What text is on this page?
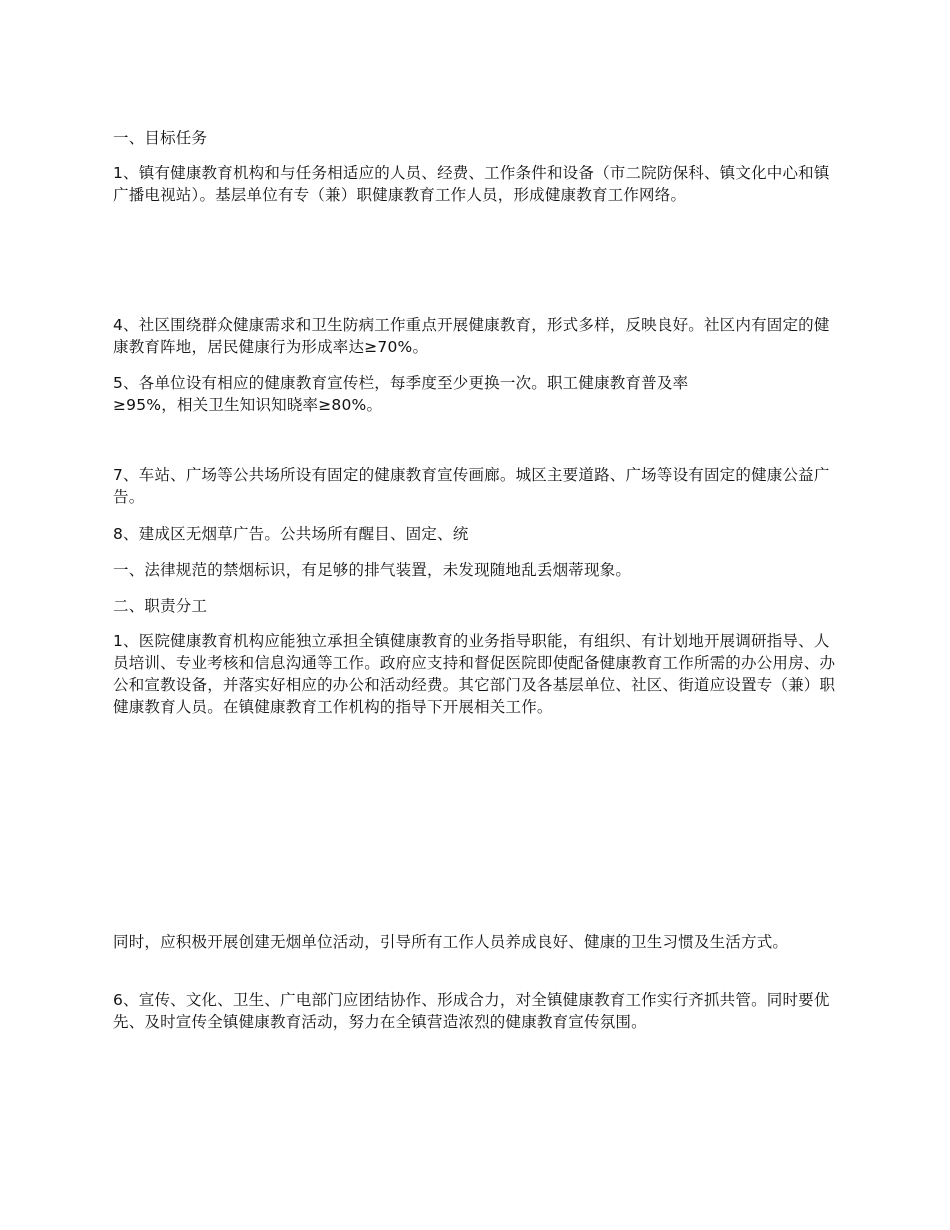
一、目标任务

1、镇有健康教育机构和与任务相适应的人员、经费、工作条件和设备（市二院防保科、镇文化中心和镇广播电视站）。基层单位有专（兼）职健康教育工作人员，形成健康教育工作网络。

4、社区围绕群众健康需求和卫生防病工作重点开展健康教育，形式多样，反映良好。社区内有固定的健康教育阵地，居民健康行为形成率达≥70%。

5、各单位设有相应的健康教育宣传栏，每季度至少更换一次。职工健康教育普及率
≥95%，相关卫生知识知晓率≥80%。

7、车站、广场等公共场所设有固定的健康教育宣传画廊。城区主要道路、广场等设有固定的健康公益广告。

8、建成区无烟草广告。公共场所有醒目、固定、统

一、法律规范的禁烟标识，有足够的排气装置，未发现随地乱丢烟蒂现象。

二、职责分工

1、医院健康教育机构应能独立承担全镇健康教育的业务指导职能，有组织、有计划地开展调研指导、人员培训、专业考核和信息沟通等工作。政府应支持和督促医院即使配备健康教育工作所需的办公用房、办公和宣教设备，并落实好相应的办公和活动经费。其它部门及各基层单位、社区、街道应设置专（兼）职健康教育人员。在镇健康教育工作机构的指导下开展相关工作。

同时，应积极开展创建无烟单位活动，引导所有工作人员养成良好、健康的卫生习惯及生活方式。

6、宣传、文化、卫生、广电部门应团结协作、形成合力，对全镇健康教育工作实行齐抓共管。同时要优先、及时宣传全镇健康教育活动，努力在全镇营造浓烈的健康教育宣传氛围。
